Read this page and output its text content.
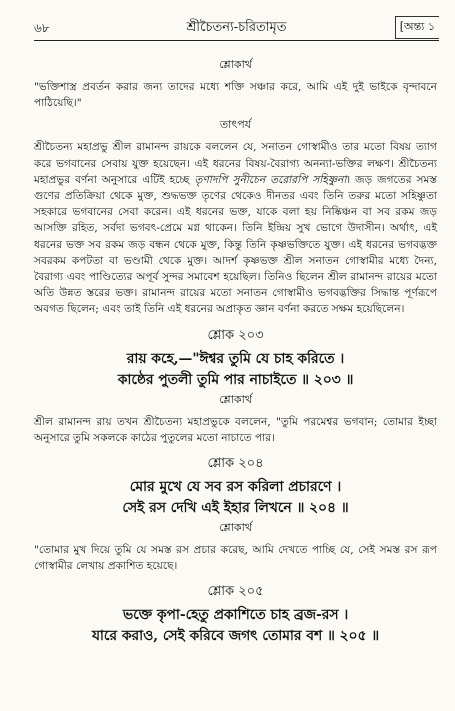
৬৮	শ্রীচৈতন্য-চরিতামৃত	[অন্ত্য ১
শ্লোকার্থ

"ভক্তিশাস্ত্র প্রবর্তন করার জন্য তাদের মধ্যে শক্তি সঞ্চার করে, আমি এই দুই ভাইকে বৃন্দাবনে পাঠিয়েছি।"

তাৎপর্য

শ্রীচৈতন্য মহাপ্রভু শ্রীল রামানন্দ রায়কে বললেন যে, সনাতন গোস্বামীও তার মতো বিষয় ত্যাগ করে ভগবানের সেবায় যুক্ত হয়েছেন। এই ধরনের বিষয়-বৈরাগ্য অনন্যা-ভক্তির লক্ষণ। শ্রীচৈতন্য মহাপ্রভুর বর্ণনা অনুসারে এটিই হচ্ছে তৃণাদপি সুনীচেন তরোরপি সহিষ্ণুনা। জড় জগতের সমস্ত গুণের প্রতিক্রিয়া থেকে মুক্ত, শুদ্ধভক্ত তৃণের থেকেও দীনতর এবং তিনি তরুর মতো সহিষ্ণুতা সহকারে ভগবানের সেবা করেন। এই ধরনের ভক্ত, যাকে বলা হয় নিষ্কিঞ্চন বা সব রকম জড় আসক্তি রহিত, সর্বদা ভগবৎ-প্রেমে মগ্ন থাকেন। তিনি ইন্দ্রিয় সুখ ভোগে উদাসীন। অর্থাৎ, এই ধরনের ভক্ত সব রকম জড় বন্ধন থেকে মুক্ত, কিন্তু তিনি কৃষ্ণভক্তিতে যুক্ত। এই ধরনের ভগবদ্ভক্ত সবরকম কপটতা বা ভণ্ডামী থেকে মুক্ত। আদর্শ কৃষ্ণভক্ত শ্রীল সনাতন গোস্বামীর মধ্যে দৈন্য, বৈরাগ্য এবং পাণ্ডিত্যের অপূর্ব সুন্দর সমাবেশ হয়েছিল। তিনিও ছিলেন শ্রীল রামানন্দ রায়ের মতো অতি উন্নত স্তরের ভক্ত। রামানন্দ রায়ের মতো সনাতন গোস্বামীও ভগবদ্ভক্তির সিদ্ধান্ত পূর্ণরূপে অবগত ছিলেন; এবং তাই তিনি এই ধরনের অপ্রাকৃত জ্ঞান বর্ণনা করতে সক্ষম হয়েছিলেন।

শ্লোক ২০৩

রায় কহে,—"ঈশ্বর তুমি যে চাহ করিতে ।
কাষ্ঠের পুতলী তুমি পার নাচাইতে ॥ ২০৩ ॥

শ্লোকার্থ

শ্রীল রামানন্দ রায় তখন শ্রীচৈতন্য মহাপ্রভুকে বললেন, "তুমি পরমেশ্বর ভগবান; তোমার ইচ্ছা অনুসারে তুমি সকলকে কাঠের পুতুলের মতো নাচাতে পার।

শ্লোক ২০৪

মোর মুখে যে সব রস করিলা প্রচারণে ।
সেই রস দেখি এই ইহার লিখনে ॥ ২০৪ ॥

শ্লোকার্থ

"তোমার মুখ দিয়ে তুমি যে সমস্ত রস প্রচার করেছ, আমি দেখতে পাচ্ছি যে, সেই সমস্ত রস রূপ গোস্বামীর লেখায় প্রকাশিত হয়েছে।

শ্লোক ২০৫

ভক্তে কৃপা-হেতু প্রকাশিতে চাহ ব্রজ-রস ।
যারে করাও, সেই করিবে জগৎ তোমার বশ ॥ ২০৫ ॥
